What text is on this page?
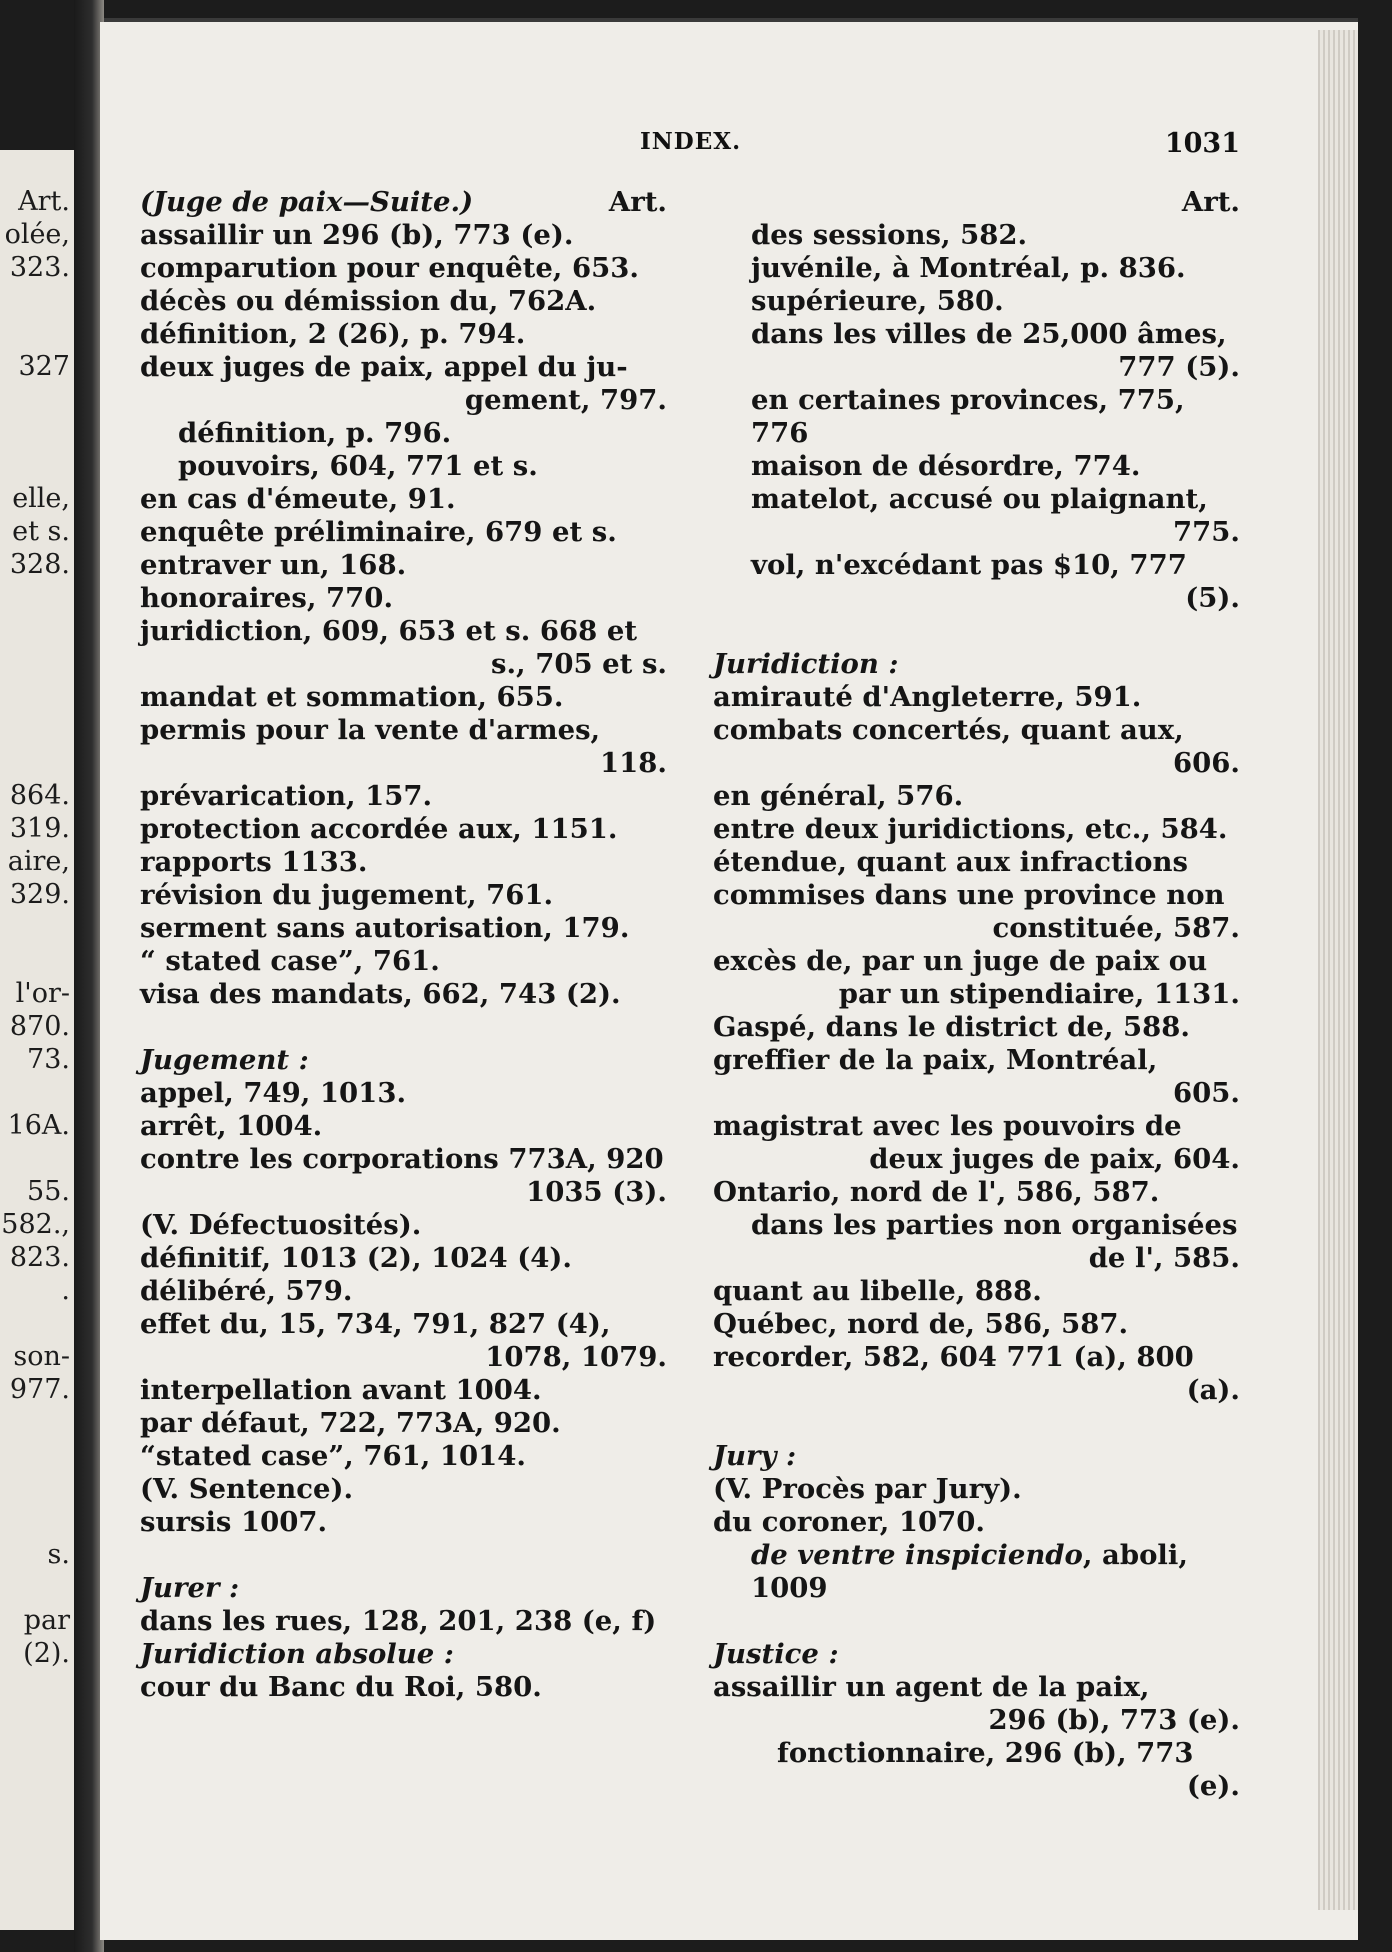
Art.
olée,
323.
327
elle,
et s.
328.
864.
319.
aire,
329.
l'or-
870.
73.
16A.
55.
582.,
823.
.
son-
977.
s.
par
(2).
INDEX.	1031
(Juge de paix—Suite.)	Art.
assaillir un 296 (b), 773 (e).
comparution pour enquête, 653.
décès ou démission du, 762A.
définition, 2 (26), p. 794.
deux juges de paix, appel du ju-
gement, 797.
définition, p. 796.
pouvoirs, 604, 771 et s.
en cas d'émeute, 91.
enquête préliminaire, 679 et s.
entraver un, 168.
honoraires, 770.
juridiction, 609, 653 et s. 668 et
s., 705 et s.
mandat et sommation, 655.
permis pour la vente d'armes,
118.
prévarication, 157.
protection accordée aux, 1151.
rapports 1133.
révision du jugement, 761.
serment sans autorisation, 179.
“ stated case”, 761.
visa des mandats, 662, 743 (2).
Jugement :
appel, 749, 1013.
arrêt, 1004.
contre les corporations 773A, 920
1035 (3).
(V. Défectuosités).
définitif, 1013 (2), 1024 (4).
délibéré, 579.
effet du, 15, 734, 791, 827 (4),
1078, 1079.
interpellation avant 1004.
par défaut, 722, 773A, 920.
“stated case”, 761, 1014.
(V. Sentence).
sursis 1007.
Jurer :
dans les rues, 128, 201, 238 (e, f)
Juridiction absolue :
cour du Banc du Roi, 580.
Art.
des sessions, 582.
juvénile, à Montréal, p. 836.
supérieure, 580.
dans les villes de 25,000 âmes,
777 (5).
en certaines provinces, 775, 776
maison de désordre, 774.
matelot, accusé ou plaignant,
775.
vol, n'excédant pas $10, 777
(5).
Juridiction :
amirauté d'Angleterre, 591.
combats concertés, quant aux,
606.
en général, 576.
entre deux juridictions, etc., 584.
étendue, quant aux infractions
commises dans une province non
constituée, 587.
excès de, par un juge de paix ou
par un stipendiaire, 1131.
Gaspé, dans le district de, 588.
greffier de la paix, Montréal,
605.
magistrat avec les pouvoirs de
deux juges de paix, 604.
Ontario, nord de l', 586, 587.
dans les parties non organisées
de l', 585.
quant au libelle, 888.
Québec, nord de, 586, 587.
recorder, 582, 604 771 (a), 800
(a).
Jury :
(V. Procès par Jury).
du coroner, 1070.
de ventre inspiciendo, aboli, 1009
Justice :
assaillir un agent de la paix,
296 (b), 773 (e).
fonctionnaire, 296 (b), 773
(e).
